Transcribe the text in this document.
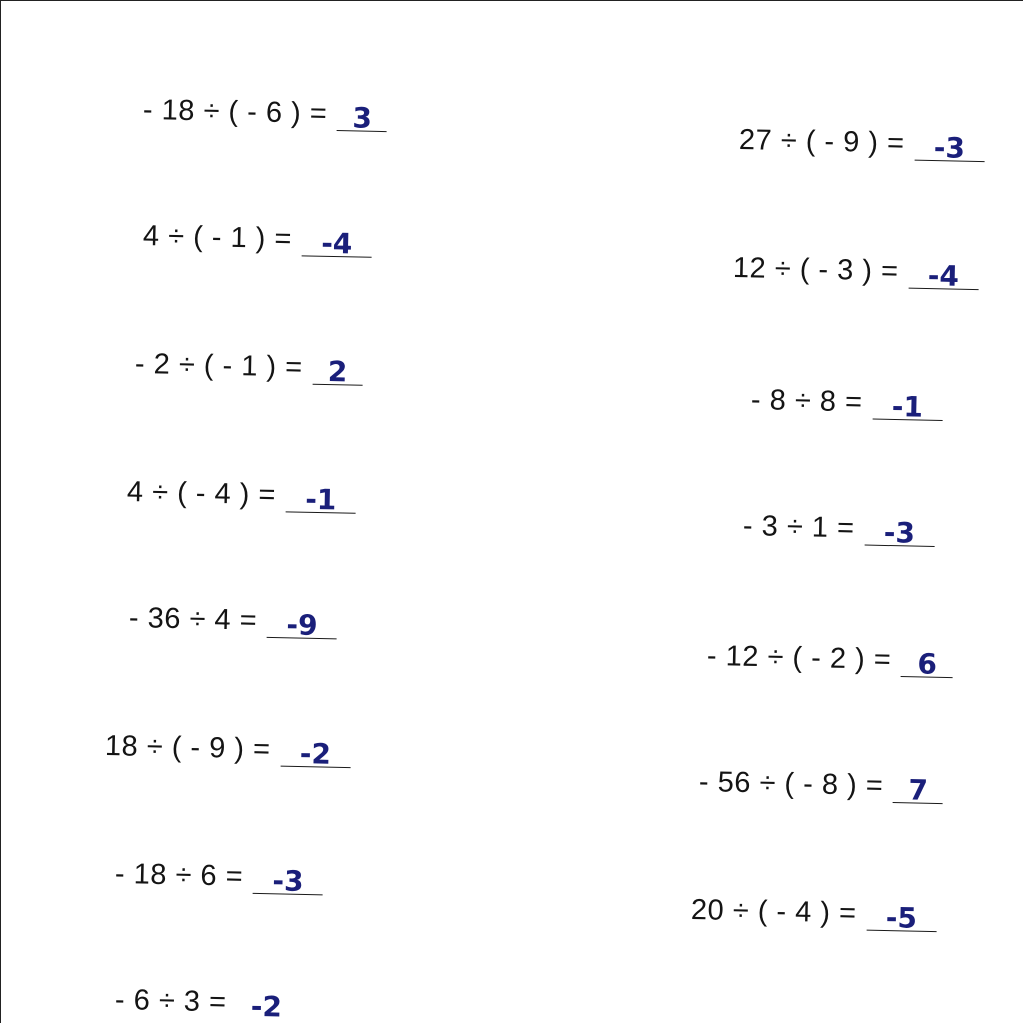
- 18 ÷ ( - 6 ) = 3
4 ÷ ( - 1 ) = -4
- 2 ÷ ( - 1 ) = 2
4 ÷ ( - 4 ) = -1
- 36 ÷ 4 = -9
18 ÷ ( - 9 ) = -2
- 18 ÷ 6 = -3
- 6 ÷ 3 = -2
27 ÷ ( - 9 ) = -3
12 ÷ ( - 3 ) = -4
- 8 ÷ 8 = -1
- 3 ÷ 1 = -3
- 12 ÷ ( - 2 ) = 6
- 56 ÷ ( - 8 ) = 7
20 ÷ ( - 4 ) = -5
